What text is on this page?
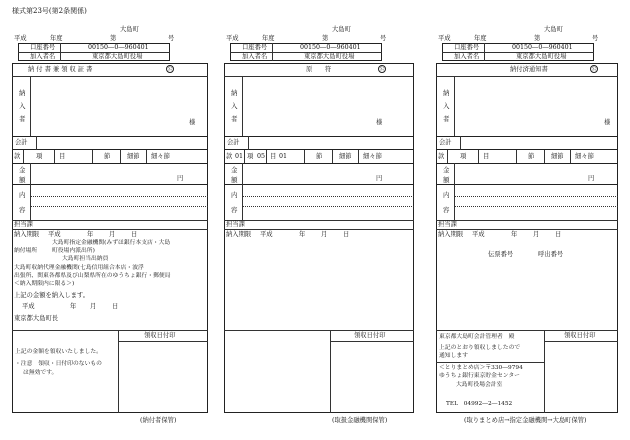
様式第23号(第2条関係)
大島町
平成	年度	第	号
口座番号	00150―0―960401
加入者名	東京都大島町役場
納 付 書 兼 領 収 証 書	公
納
入
者	様
会計
款 項	目	節	細節 細々節
金
額	円
内
容
担当課
納入期限 平成	年 月 日
納付場所
大島町指定金融機関(みずほ銀行本支店・大島
町役場内派出所)
大島町担当出納員
大島町収納代理金融機関(七島信用組合本店・波浮
出張所、関東各都県及び山梨県所在のゆうちょ銀行・郵便局
＜納入期限内に限る＞)
上記の金額を納入します。
平成	年 月 日
東京都大島町長
領収日付印
上記の金額を領収いたしました。
・注意　領収・日付印のないもの
は無効です。
(納付者保管)
大島町
平成	年度	第	号
口座番号	00150―0―960401
加入者名	東京都大島町役場
原　　符	公
納
入
者	様
会計
款 01 項 05 目 01	節	細節 細々節
金
額	円
内
容
担当課
納入期限 平成	年 月 日
領収日付印
(取扱金融機関保管)
大島町
平成	年度	第	号
口座番号	00150―0―960401
加入者名	東京都大島町役場
納付済通知書	公
納
入
者	様
会計
款 項	目	節	細節 細々節
金
額	円
内
容
担当課
納入期限 平成	年 月 日
伝票番号	呼出番号
領収日付印
東京都大島町会計管理者　殿
上記のとおり領収しましたので
通知します
＜とりまとめ店＞〒330―9794
ゆうちょ銀行東京貯金センター
大島町役場会計室
TEL　04992―2―1452
(取りまとめ店→指定金融機関→大島町保管)
